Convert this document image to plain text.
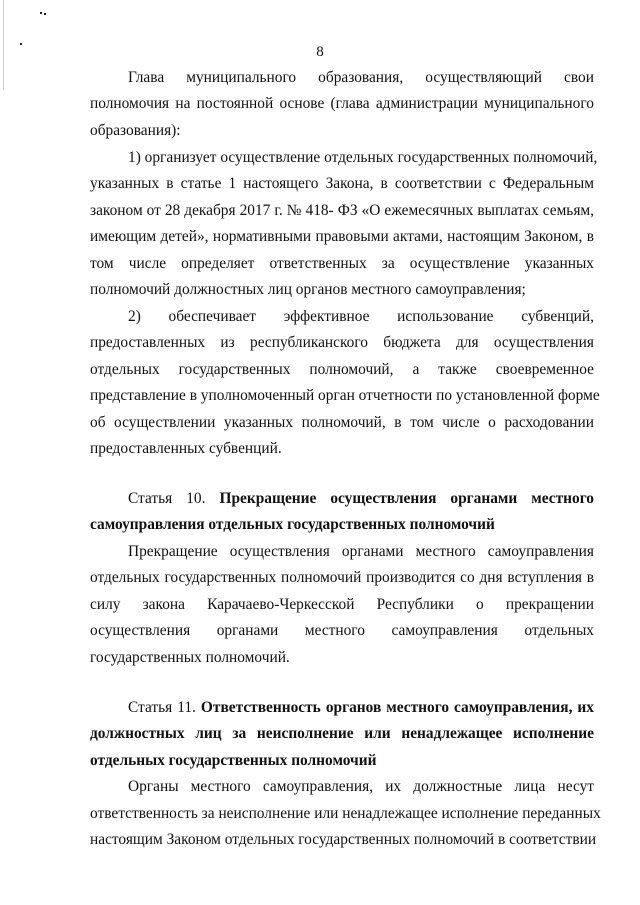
8
Глава муниципального образования, осуществляющий свои
полномочия на постоянной основе (глава администрации муниципального
образования):
1) организует осуществление отдельных государственных полномочий,
указанных в статье 1 настоящего Закона, в соответствии с Федеральным
законом от 28 декабря 2017 г. № 418- ФЗ «О ежемесячных выплатах семьям,
имеющим детей», нормативными правовыми актами, настоящим Законом, в
том числе определяет ответственных за осуществление указанных
полномочий должностных лиц органов местного самоуправления;
2) обеспечивает эффективное использование субвенций,
предоставленных из республиканского бюджета для осуществления
отдельных государственных полномочий, а также своевременное
представление в уполномоченный орган отчетности по установленной форме
об осуществлении указанных полномочий, в том числе о расходовании
предоставленных субвенций.
Статья 10. Прекращение осуществления органами местного
самоуправления отдельных государственных полномочий
Прекращение осуществления органами местного самоуправления
отдельных государственных полномочий производится со дня вступления в
силу закона Карачаево-Черкесской Республики о прекращении
осуществления органами местного самоуправления отдельных
государственных полномочий.
Статья 11. Ответственность органов местного самоуправления, их
должностных лиц за неисполнение или ненадлежащее исполнение
отдельных государственных полномочий
Органы местного самоуправления, их должностные лица несут
ответственность за неисполнение или ненадлежащее исполнение переданных
настоящим Законом отдельных государственных полномочий в соответствии
